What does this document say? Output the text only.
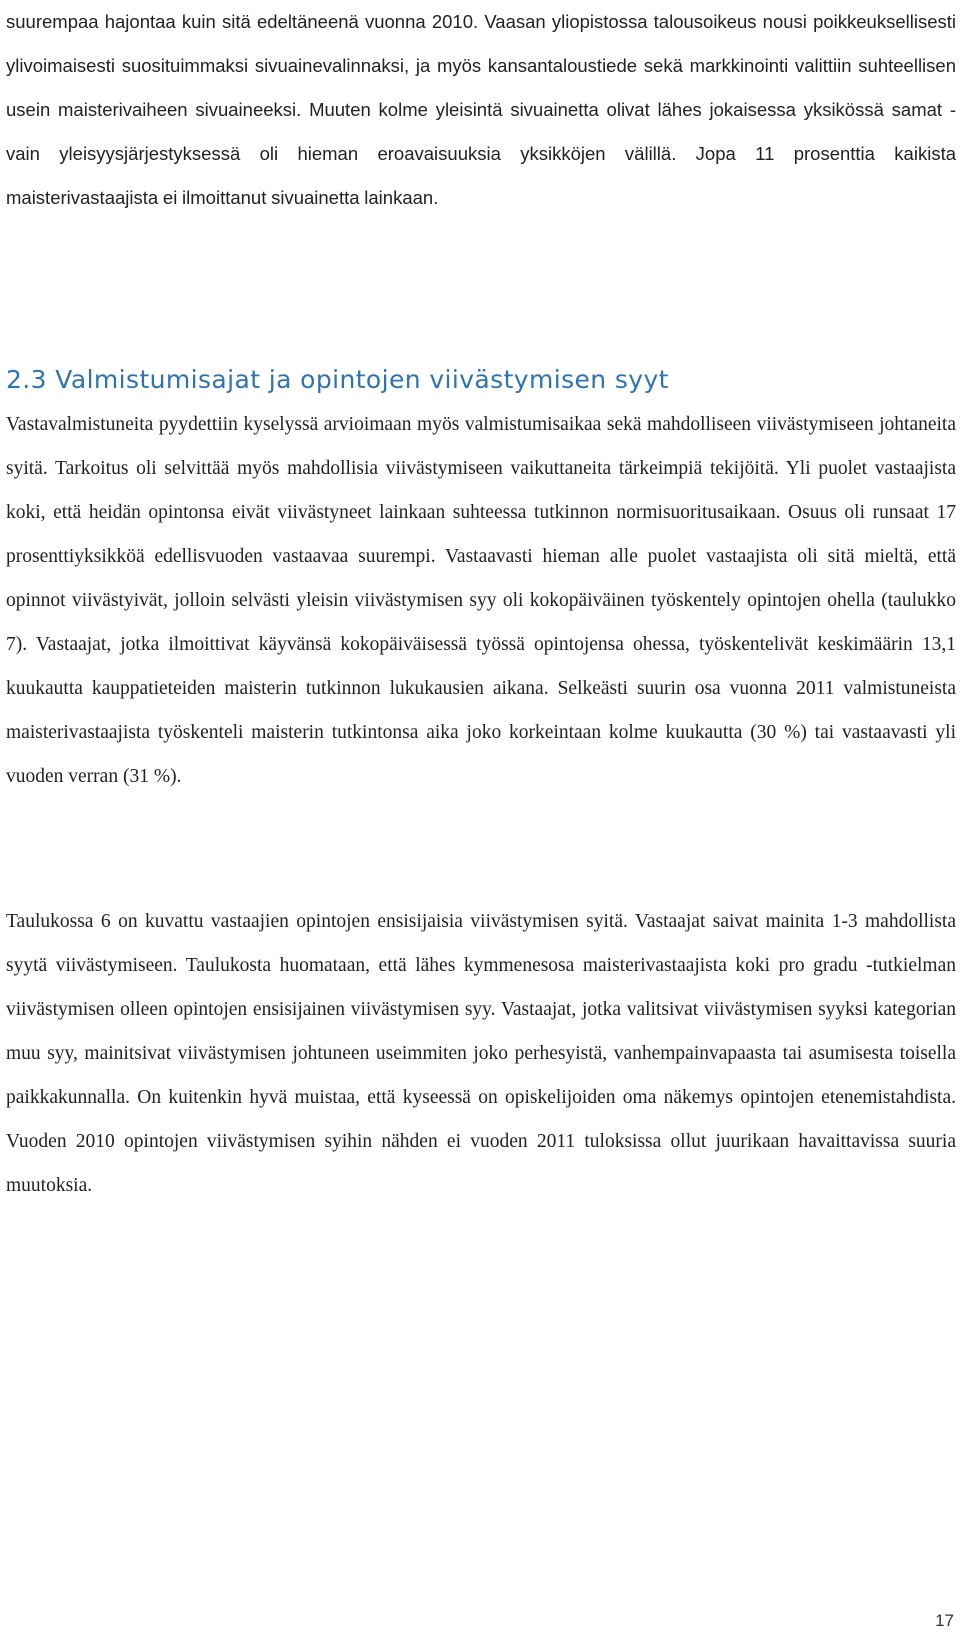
suurempaa hajontaa kuin sitä edeltäneenä vuonna 2010. Vaasan yliopistossa talousoikeus nousi poikkeuksellisesti ylivoimaisesti suosituimmaksi sivuainevalinnaksi, ja myös kansantaloustiede sekä markkinointi valittiin suhteellisen usein maisterivaiheen sivuaineeksi. Muuten kolme yleisintä sivuainetta olivat lähes jokaisessa yksikössä samat - vain yleisyysjärjestyksessä oli hieman eroavaisuuksia yksikköjen välillä. Jopa 11 prosenttia kaikista maisterivastaajista ei ilmoittanut sivuainetta lainkaan.

2.3 Valmistumisajat ja opintojen viivästymisen syyt

Vastavalmistuneita pyydettiin kyselyssä arvioimaan myös valmistumisaikaa sekä mahdolliseen viivästymiseen johtaneita syitä. Tarkoitus oli selvittää myös mahdollisia viivästymiseen vaikuttaneita tärkeimpiä tekijöitä. Yli puolet vastaajista koki, että heidän opintonsa eivät viivästyneet lainkaan suhteessa tutkinnon normisuoritusaikaan. Osuus oli runsaat 17 prosenttiyksikköä edellisvuoden vastaavaa suurempi. Vastaavasti hieman alle puolet vastaajista oli sitä mieltä, että opinnot viivästyivät, jolloin selvästi yleisin viivästymisen syy oli kokopäiväinen työskentely opintojen ohella (taulukko 7). Vastaajat, jotka ilmoittivat käyvänsä kokopäiväisessä työssä opintojensa ohessa, työskentelivät keskimäärin 13,1 kuukautta kauppatieteiden maisterin tutkinnon lukukausien aikana. Selkeästi suurin osa vuonna 2011 valmistuneista maisterivastaajista työskenteli maisterin tutkintonsa aika joko korkeintaan kolme kuukautta (30 %) tai vastaavasti yli vuoden verran (31 %).

Taulukossa 6 on kuvattu vastaajien opintojen ensisijaisia viivästymisen syitä. Vastaajat saivat mainita 1-3 mahdollista syytä viivästymiseen. Taulukosta huomataan, että lähes kymmenesosa maisterivastaajista koki pro gradu -tutkielman viivästymisen olleen opintojen ensisijainen viivästymisen syy. Vastaajat, jotka valitsivat viivästymisen syyksi kategorian muu syy, mainitsivat viivästymisen johtuneen useimmiten joko perhesyistä, vanhempainvapaasta tai asumisesta toisella paikkakunnalla. On kuitenkin hyvä muistaa, että kyseessä on opiskelijoiden oma näkemys opintojen etenemistahdista. Vuoden 2010 opintojen viivästymisen syihin nähden ei vuoden 2011 tuloksissa ollut juurikaan havaittavissa suuria muutoksia.

17
